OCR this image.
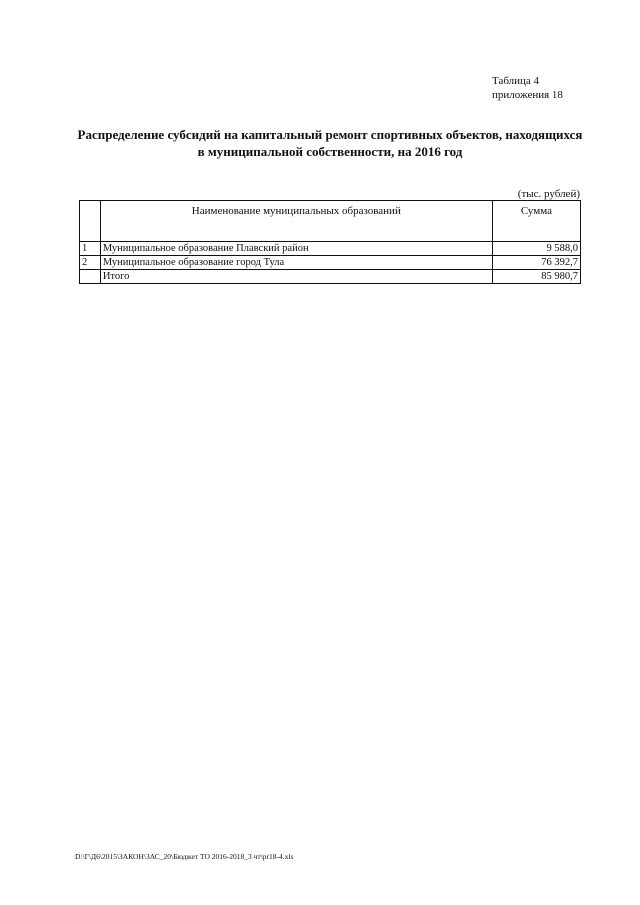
Таблица 4
приложения 18
Распределение субсидий на капитальный ремонт спортивных объектов, находящихся
в муниципальной собственности, на 2016 год
(тыс. рублей)
	Наименование муниципальных образований	Сумма
1	Муниципальное образование Плавский район	9 588,0
2	Муниципальное образование город Тула	76 392,7
	Итого	85 980,7
D:\Г\Д6\2015\ЗАКОН\ЗАС_20\Бюджет ТО 2016-2018_3 чт\pr18-4.xls
